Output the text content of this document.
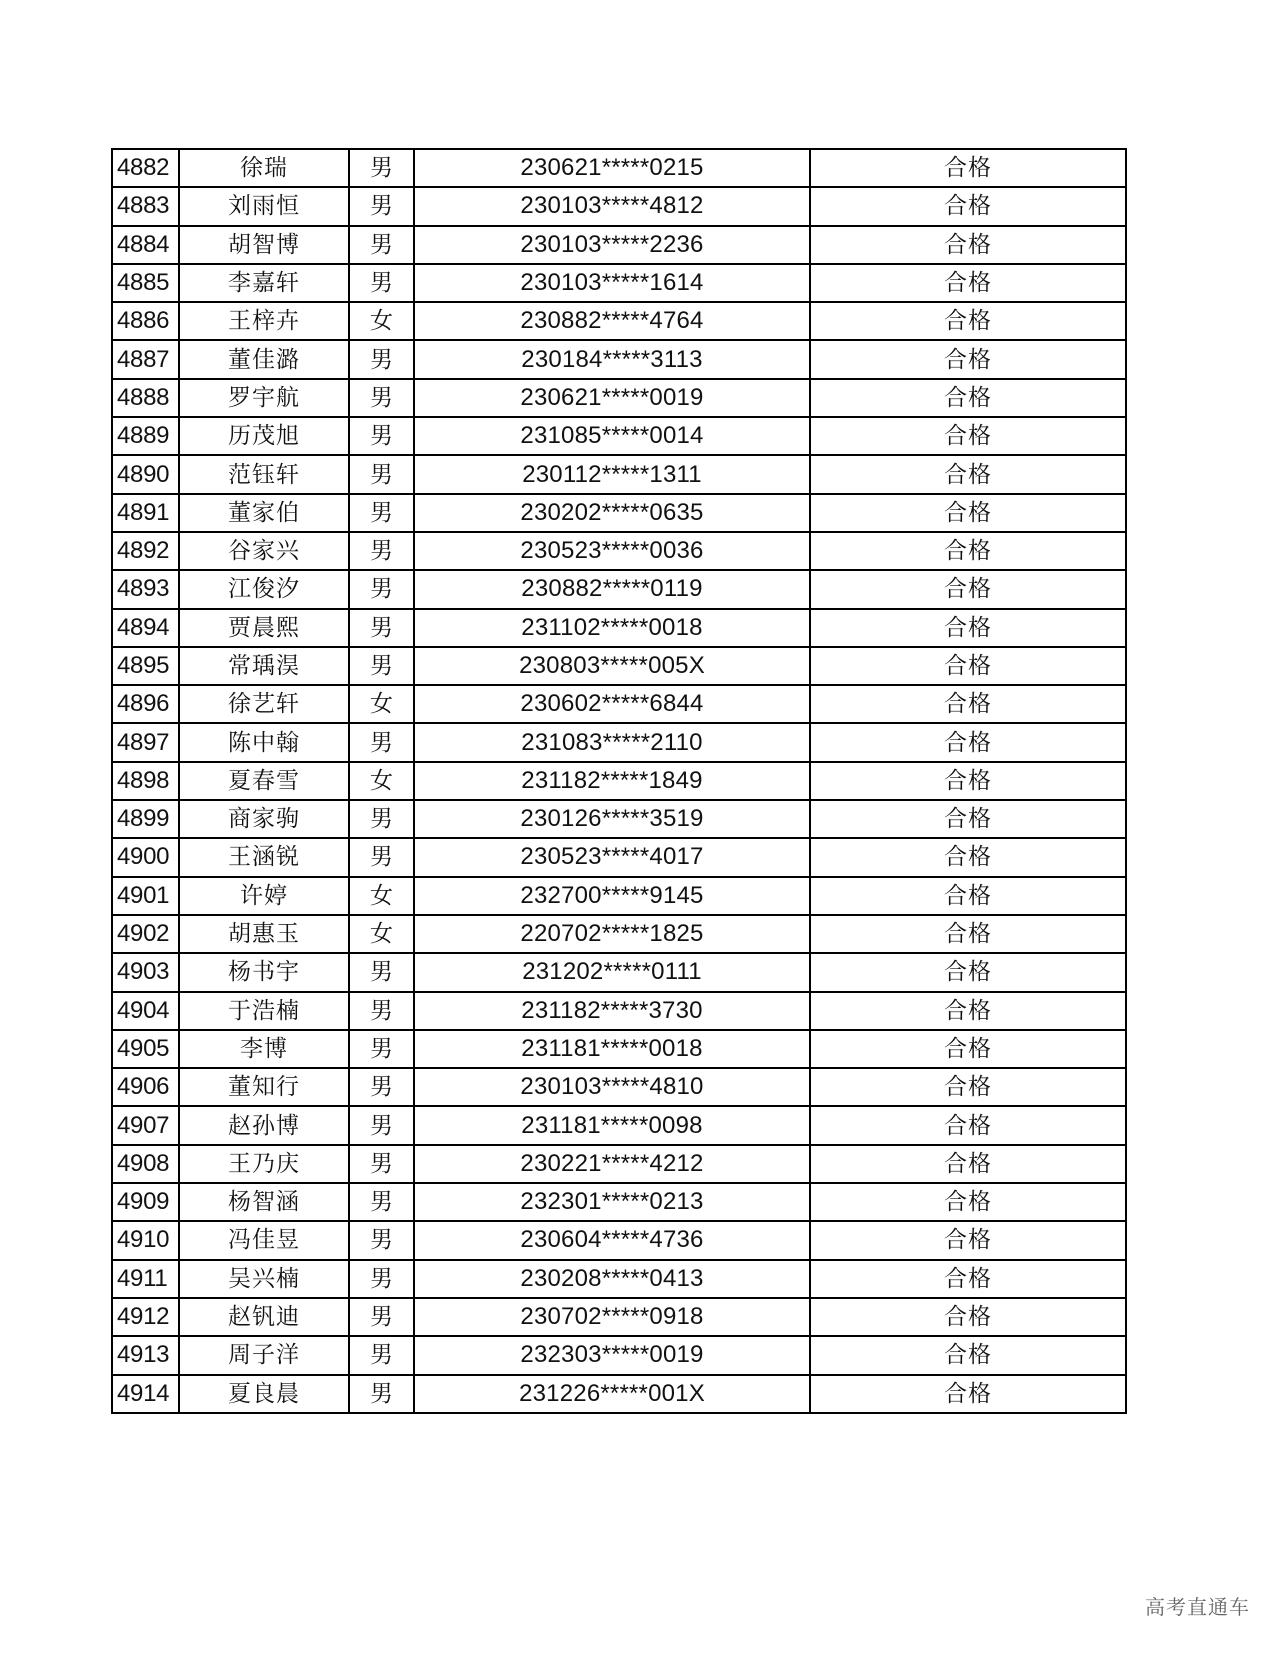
4882	徐瑞	男	230621*****0215	合格
4883	刘雨恒	男	230103*****4812	合格
4884	胡智博	男	230103*****2236	合格
4885	李嘉轩	男	230103*****1614	合格
4886	王梓卉	女	230882*****4764	合格
4887	董佳潞	男	230184*****3113	合格
4888	罗宇航	男	230621*****0019	合格
4889	历茂旭	男	231085*****0014	合格
4890	范钰轩	男	230112*****1311	合格
4891	董家伯	男	230202*****0635	合格
4892	谷家兴	男	230523*****0036	合格
4893	江俊汐	男	230882*****0119	合格
4894	贾晨熙	男	231102*****0018	合格
4895	常瑀淏	男	230803*****005X	合格
4896	徐艺轩	女	230602*****6844	合格
4897	陈中翰	男	231083*****2110	合格
4898	夏春雪	女	231182*****1849	合格
4899	商家驹	男	230126*****3519	合格
4900	王涵锐	男	230523*****4017	合格
4901	许婷	女	232700*****9145	合格
4902	胡惠玉	女	220702*****1825	合格
4903	杨书宇	男	231202*****0111	合格
4904	于浩楠	男	231182*****3730	合格
4905	李博	男	231181*****0018	合格
4906	董知行	男	230103*****4810	合格
4907	赵孙博	男	231181*****0098	合格
4908	王乃庆	男	230221*****4212	合格
4909	杨智涵	男	232301*****0213	合格
4910	冯佳昱	男	230604*****4736	合格
4911	吴兴楠	男	230208*****0413	合格
4912	赵钒迪	男	230702*****0918	合格
4913	周子洋	男	232303*****0019	合格
4914	夏良晨	男	231226*****001X	合格
高考直通车
